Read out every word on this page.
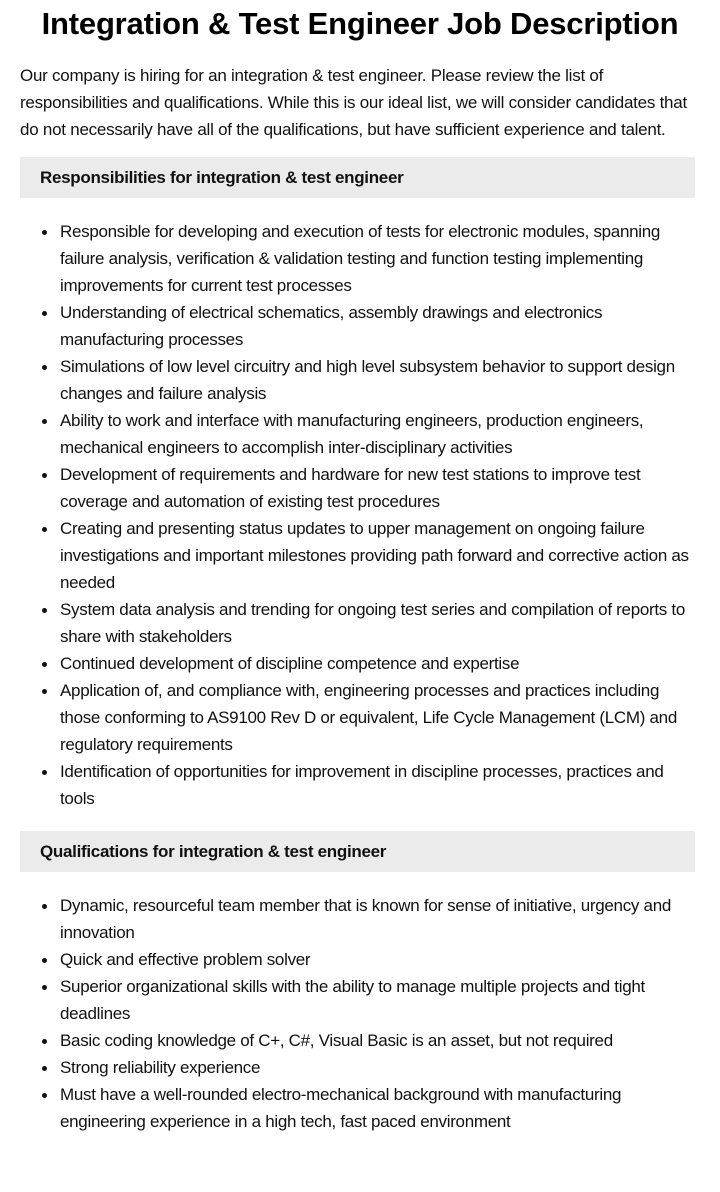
Integration & Test Engineer Job Description

Our company is hiring for an integration & test engineer. Please review the list of responsibilities and qualifications. While this is our ideal list, we will consider candidates that do not necessarily have all of the qualifications, but have sufficient experience and talent.

Responsibilities for integration & test engineer
Responsible for developing and execution of tests for electronic modules, spanning failure analysis, verification & validation testing and function testing implementing improvements for current test processes
Understanding of electrical schematics, assembly drawings and electronics manufacturing processes
Simulations of low level circuitry and high level subsystem behavior to support design changes and failure analysis
Ability to work and interface with manufacturing engineers, production engineers, mechanical engineers to accomplish inter-disciplinary activities
Development of requirements and hardware for new test stations to improve test coverage and automation of existing test procedures
Creating and presenting status updates to upper management on ongoing failure investigations and important milestones providing path forward and corrective action as needed
System data analysis and trending for ongoing test series and compilation of reports to share with stakeholders
Continued development of discipline competence and expertise
Application of, and compliance with, engineering processes and practices including those conforming to AS9100 Rev D or equivalent, Life Cycle Management (LCM) and regulatory requirements
Identification of opportunities for improvement in discipline processes, practices and tools
Qualifications for integration & test engineer
Dynamic, resourceful team member that is known for sense of initiative, urgency and innovation
Quick and effective problem solver
Superior organizational skills with the ability to manage multiple projects and tight deadlines
Basic coding knowledge of C+, C#, Visual Basic is an asset, but not required
Strong reliability experience
Must have a well-rounded electro-mechanical background with manufacturing engineering experience in a high tech, fast paced environment
